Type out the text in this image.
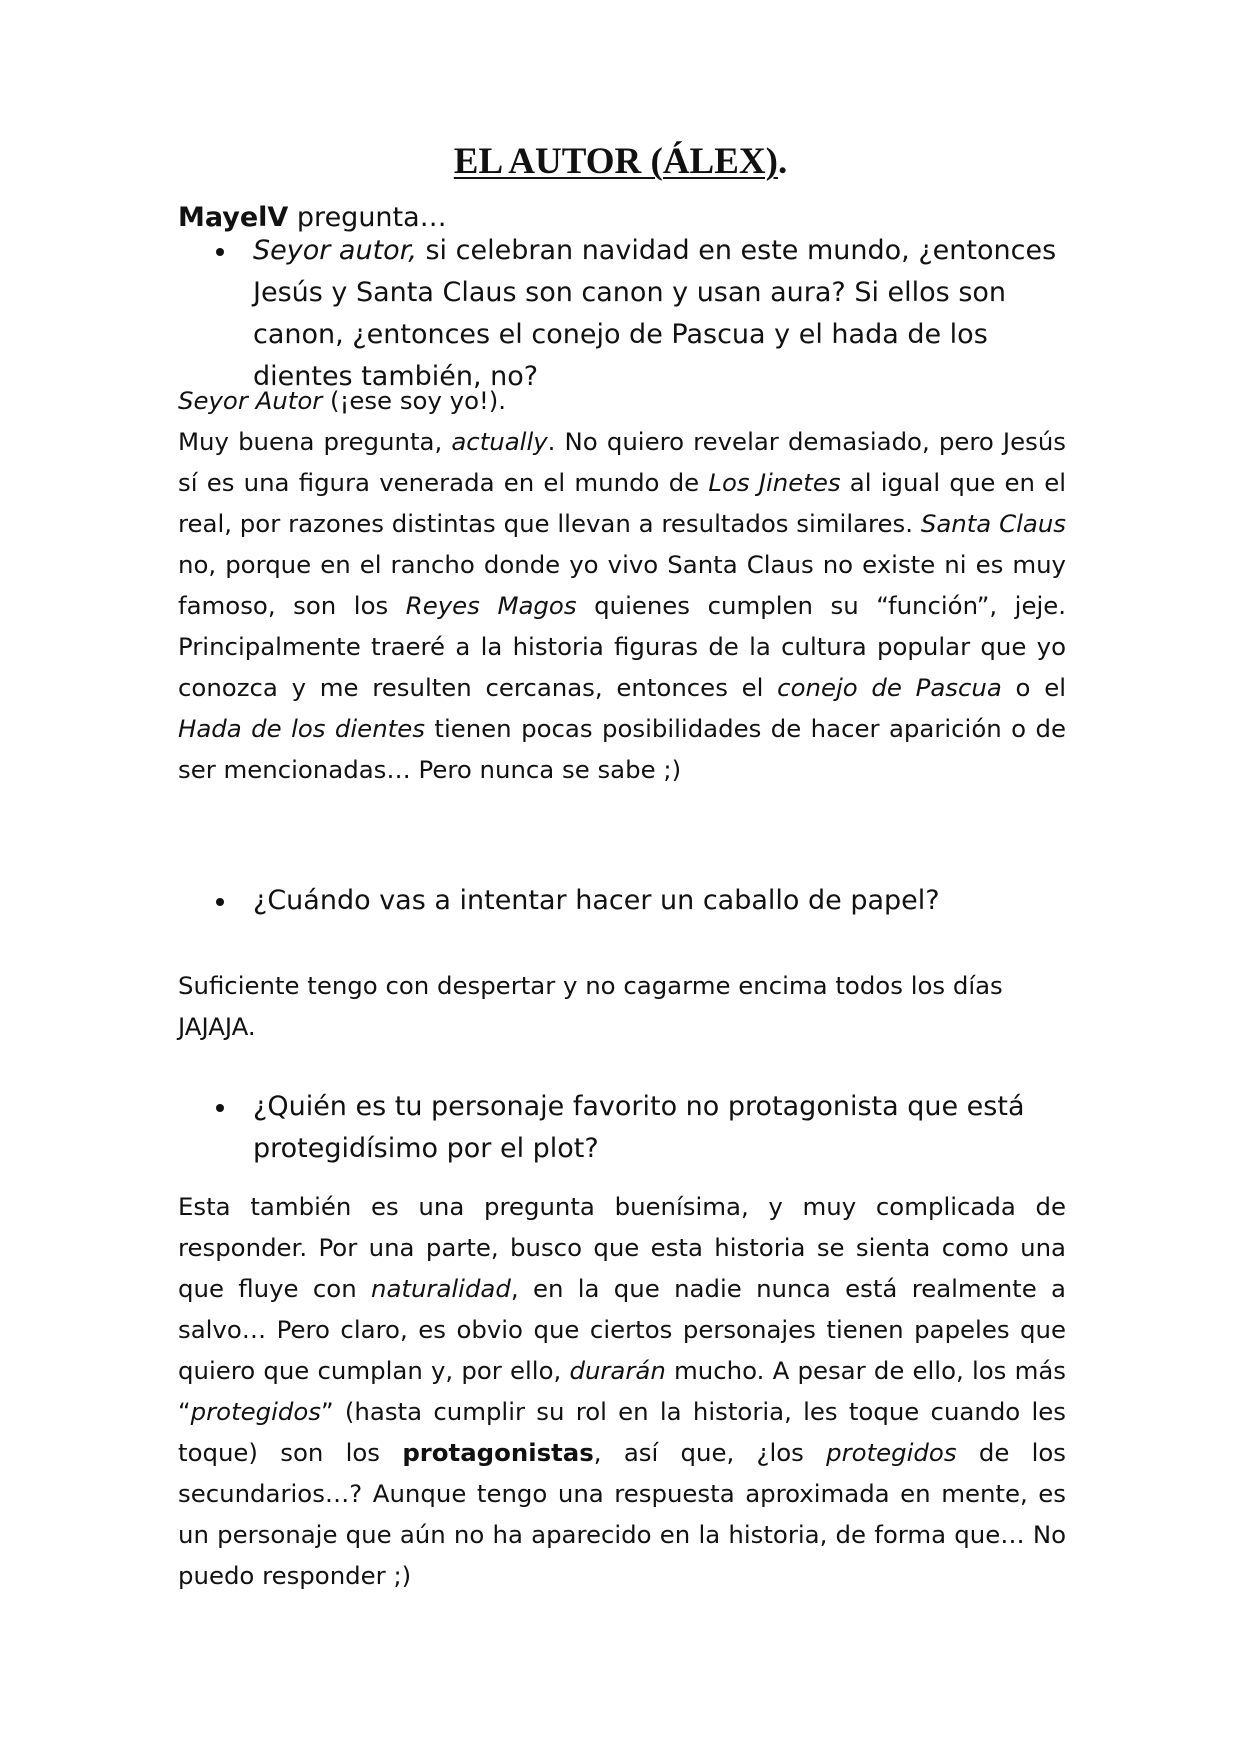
EL AUTOR (ÁLEX).
MayelV pregunta…
Seyor autor, si celebran navidad en este mundo, ¿entonces Jesús y Santa Claus son canon y usan aura? Si ellos son canon, ¿entonces el conejo de Pascua y el hada de los dientes también, no?

Seyor Autor (¡ese soy yo!).

Muy buena pregunta, actually. No quiero revelar demasiado, pero Jesús sí es una figura venerada en el mundo de Los Jinetes al igual que en el real, por razones distintas que llevan a resultados similares. Santa Claus no, porque en el rancho donde yo vivo Santa Claus no existe ni es muy famoso, son los Reyes Magos quienes cumplen su “función”, jeje. Principalmente traeré a la historia figuras de la cultura popular que yo conozca y me resulten cercanas, entonces el conejo de Pascua o el Hada de los dientes tienen pocas posibilidades de hacer aparición o de ser mencionadas… Pero nunca se sabe ;)

¿Cuándo vas a intentar hacer un caballo de papel?

Suficiente tengo con despertar y no cagarme encima todos los días JAJAJA.

¿Quién es tu personaje favorito no protagonista que está protegidísimo por el plot?

Esta también es una pregunta buenísima, y muy complicada de responder. Por una parte, busco que esta historia se sienta como una que fluye con naturalidad, en la que nadie nunca está realmente a salvo… Pero claro, es obvio que ciertos personajes tienen papeles que quiero que cumplan y, por ello, durarán mucho. A pesar de ello, los más “protegidos” (hasta cumplir su rol en la historia, les toque cuando les toque) son los protagonistas, así que, ¿los protegidos de los secundarios…? Aunque tengo una respuesta aproximada en mente, es un personaje que aún no ha aparecido en la historia, de forma que… No puedo responder ;)
